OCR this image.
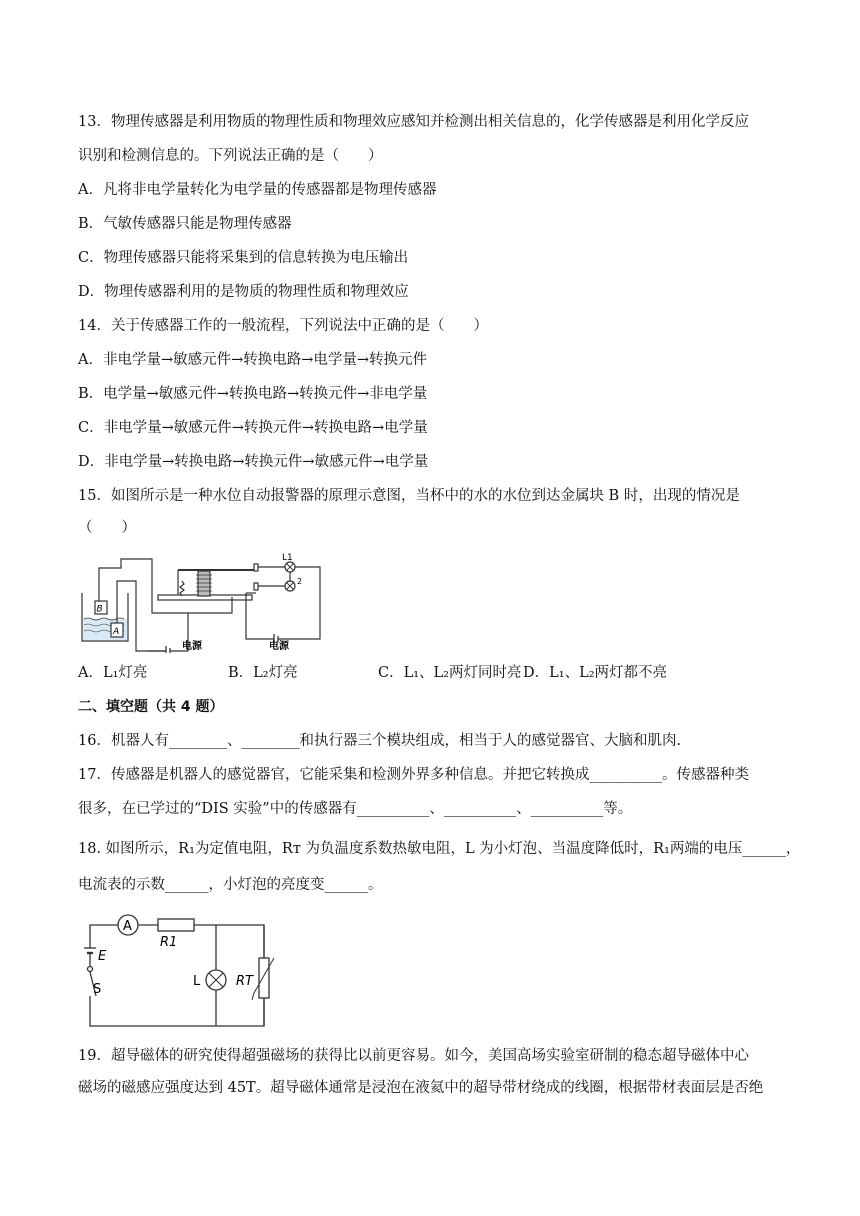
13．物理传感器是利用物质的物理性质和物理效应感知并检测出相关信息的，化学传感器是利用化学反应
识别和检测信息的。下列说法正确的是（　　）
A．凡将非电学量转化为电学量的传感器都是物理传感器
B．气敏传感器只能是物理传感器
C．物理传感器只能将采集到的信息转换为电压输出
D．物理传感器利用的是物质的物理性质和物理效应
14．关于传感器工作的一般流程，下列说法中正确的是（　　）
A．非电学量→敏感元件→转换电路→电学量→转换元件
B．电学量→敏感元件→转换电路→转换元件→非电学量
C．非电学量→敏感元件→转换元件→转换电路→电学量
D．非电学量→转换电路→转换元件→敏感元件→电学量
15．如图所示是一种水位自动报警器的原理示意图，当杯中的水的水位到达金属块 B 时，出现的情况是
（　　）
B
A
L1
2
电源	电源
A．L₁灯亮	B．L₂灯亮	C．L₁、L₂两灯同时亮 D．L₁、L₂两灯都不亮
二、填空题（共 4 题）
16．机器人有________、________和执行器三个模块组成，相当于人的感觉器官、大脑和肌肉.
17．传感器是机器人的感觉器官，它能采集和检测外界多种信息。并把它转换成__________。传感器种类
很多，在已学过的“DIS 实验”中的传感器有__________、__________、__________等。
18. 如图所示，R₁为定值电阻，Rᴛ 为负温度系数热敏电阻，L 为小灯泡、当温度降低时，R₁两端的电压______，
电流表的示数______，小灯泡的亮度变______。
A
R1
E
S
L	RT
19．超导磁体的研究使得超强磁场的获得比以前更容易。如今，美国高场实验室研制的稳态超导磁体中心
磁场的磁感应强度达到 45T。超导磁体通常是浸泡在液氦中的超导带材绕成的线圈，根据带材表面层是否绝
